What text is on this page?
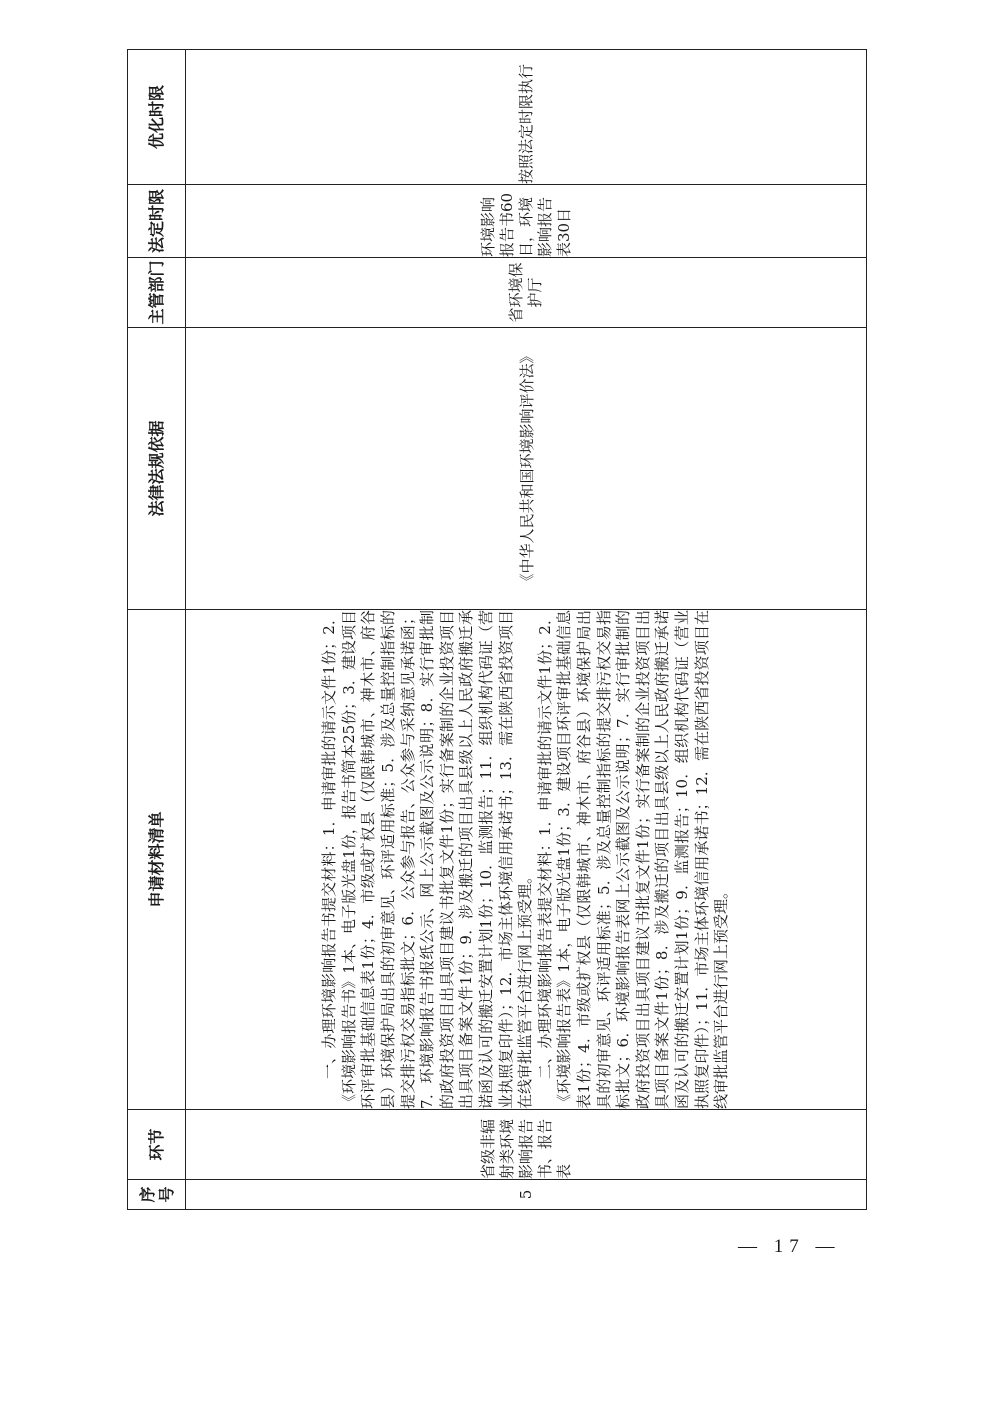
序号	环节	申请材料清单	法律法规依据	主管部门	法定时限	优化时限
5	省级非辐射类环境影响报告书、报告表	一、办理环境影响报告书提交材料：1．申请审批的请示文件1份；2．《环境影响报告书》1本、电子版光盘1份，报告书简本25份；3．建设项目环评审批基础信息表1份；4．市级或扩权县（仅限韩城市、神木市、府谷县）环境保护局出具的初审意见、环评适用标准；5．涉及总量控制指标的提交排污权交易指标批文；6．公众参与报告、公众参与采纳意见承诺函；7．环境影响报告书报纸公示、网上公示截图及公示说明；8．实行审批制的政府投资项目出具项目建议书批复文件1份；实行备案制的企业投资项目出具项目备案文件1份；9．涉及搬迁的项目出具县级以上人民政府搬迁承诺函及认可的搬迁安置计划1份；10．监测报告；11．组织机构代码证（营业执照复印件）；12．市场主体环境信用承诺书；13．需在陕西省投资项目在线审批监管平台进行网上预受理。 二、办理环境影响报告表提交材料：1．申请审批的请示文件1份；2．《环境影响报告表》1本，电子版光盘1份；3．建设项目环评审批基础信息表1份；4．市级或扩权县（仅限韩城市、神木市、府谷县）环境保护局出具的初审意见、环评适用标准；5．涉及总量控制指标的提交排污权交易指标批文；6．环境影响报告表网上公示截图及公示说明；7．实行审批制的政府投资项目出具项目建议书批复文件1份；实行备案制的企业投资项目出具项目备案文件1份；8．涉及搬迁的项目出具县级以上人民政府搬迁承诺函及认可的搬迁安置计划1份；9．监测报告；10．组织机构代码证（营业执照复印件）；11．市场主体环境信用承诺书；12．需在陕西省投资项目在线审批监管平台进行网上预受理。	《中华人民共和国环境影响评价法》	省环境保护厅	环境影响报告书60日，环境影响报告表30日	按照法定时限执行
— 17 —
